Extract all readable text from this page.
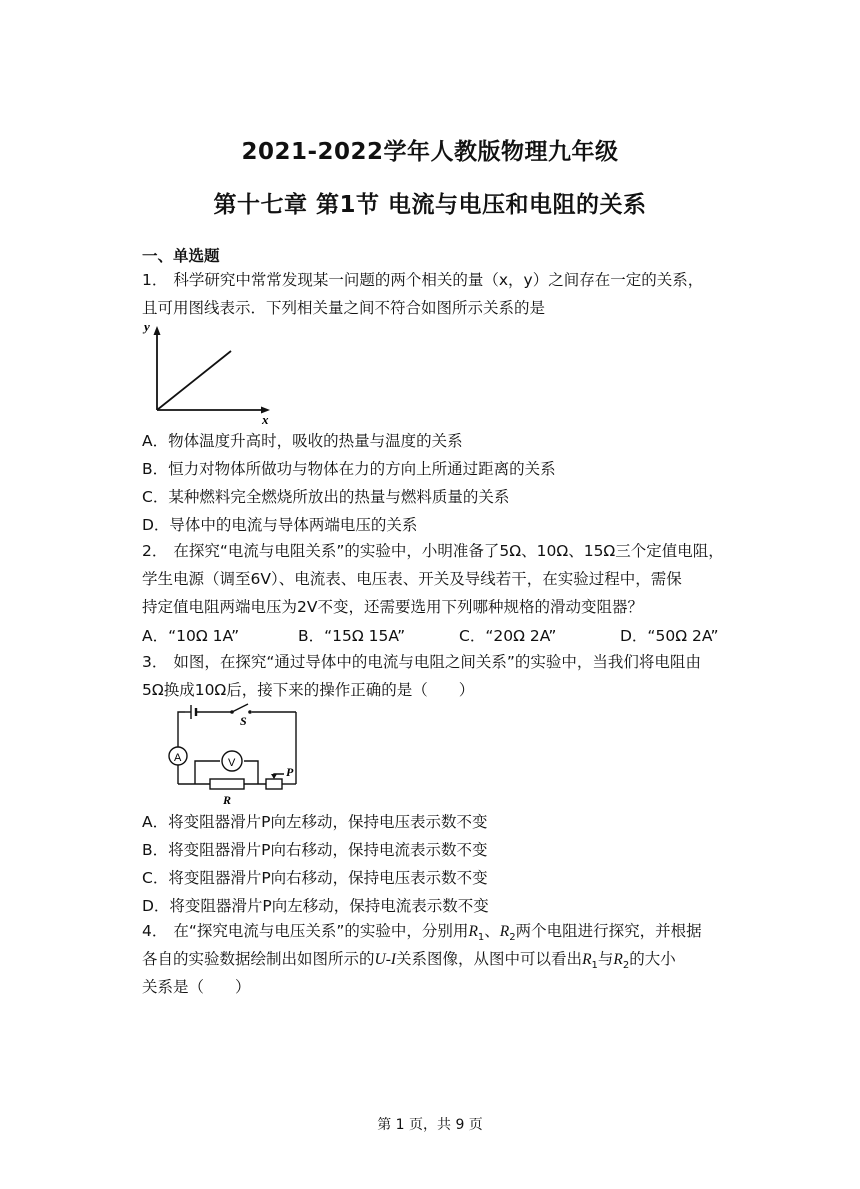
2021-2022学年人教版物理九年级
第十七章 第1节 电流与电压和电阻的关系
一、单选题
1． 科学研究中常常发现某一问题的两个相关的量（x，y）之间存在一定的关系，
且可用图线表示．下列相关量之间不符合如图所示关系的是
y
x
A．物体温度升高时，吸收的热量与温度的关系
B．恒力对物体所做功与物体在力的方向上所通过距离的关系
C．某种燃料完全燃烧所放出的热量与燃料质量的关系
D．导体中的电流与导体两端电压的关系
2． 在探究“电流与电阻关系”的实验中，小明准备了5Ω、10Ω、15Ω三个定值电阻，
学生电源（调至6V）、电流表、电压表、开关及导线若干，在实验过程中，需保
持定值电阻两端电压为2V不变，还需要选用下列哪种规格的滑动变阻器？
A．“10Ω 1A”	B．“15Ω 15A”	C．“20Ω 2A”	D．“50Ω 2A”
3． 如图，在探究“通过导体中的电流与电阻之间关系”的实验中，当我们将电阻由
5Ω换成10Ω后，接下来的操作正确的是（　　）
A	V
S
P
R
A．将变阻器滑片P向左移动，保持电压表示数不变
B．将变阻器滑片P向右移动，保持电流表示数不变
C．将变阻器滑片P向右移动，保持电压表示数不变
D．将变阻器滑片P向左移动，保持电流表示数不变
4． 在“探究电流与电压关系”的实验中，分别用$R_1$、$R_2$两个电阻进行探究，并根据
各自的实验数据绘制出如图所示的U-I关系图像，从图中可以看出$R_1$与$R_2$的大小
关系是（　　）
第 1 页，共 9 页
